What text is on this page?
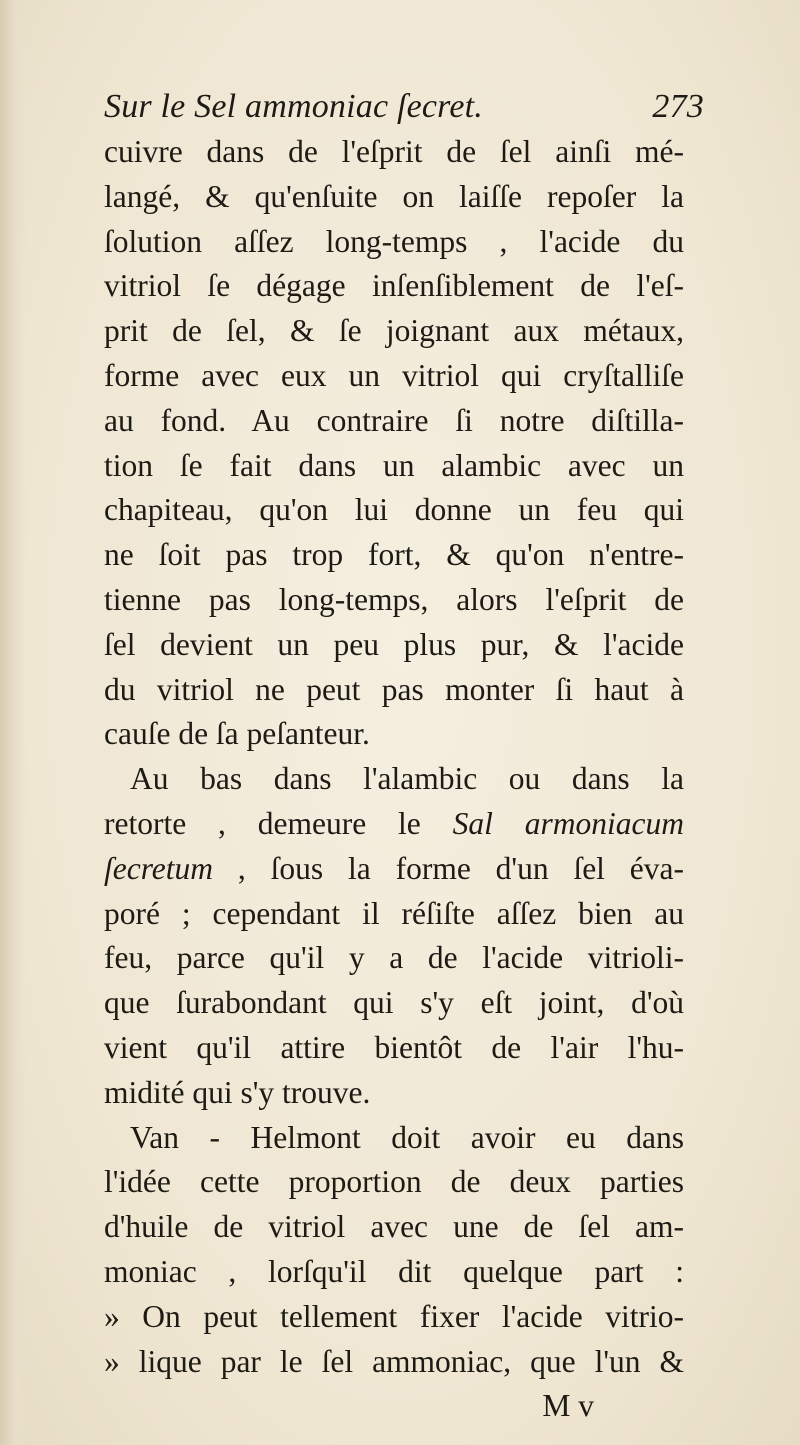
Sur le Sel ammoniac ſecret.	273
cuivre dans de l'eſprit de ſel ainſi mé-
langé, & qu'enſuite on laiſſe repoſer la
ſolution aſſez long-temps , l'acide du
vitriol ſe dégage inſenſiblement de l'eſ-
prit de ſel, & ſe joignant aux métaux,
forme avec eux un vitriol qui cryſtalliſe
au fond. Au contraire ſi notre diſtilla-
tion ſe fait dans un alambic avec un
chapiteau, qu'on lui donne un feu qui
ne ſoit pas trop fort, & qu'on n'entre-
tienne pas long-temps, alors l'eſprit de
ſel devient un peu plus pur, & l'acide
du vitriol ne peut pas monter ſi haut à
cauſe de ſa peſanteur.
Au bas dans l'alambic ou dans la
retorte , demeure le Sal armoniacum
ſecretum , ſous la forme d'un ſel éva-
poré ; cependant il réſiſte aſſez bien au
feu, parce qu'il y a de l'acide vitrioli-
que ſurabondant qui s'y eſt joint, d'où
vient qu'il attire bientôt de l'air l'hu-
midité qui s'y trouve.
Van - Helmont doit avoir eu dans
l'idée cette proportion de deux parties
d'huile de vitriol avec une de ſel am-
moniac , lorſqu'il dit quelque part :
» On peut tellement fixer l'acide vitrio-
» lique par le ſel ammoniac, que l'un &
M v
